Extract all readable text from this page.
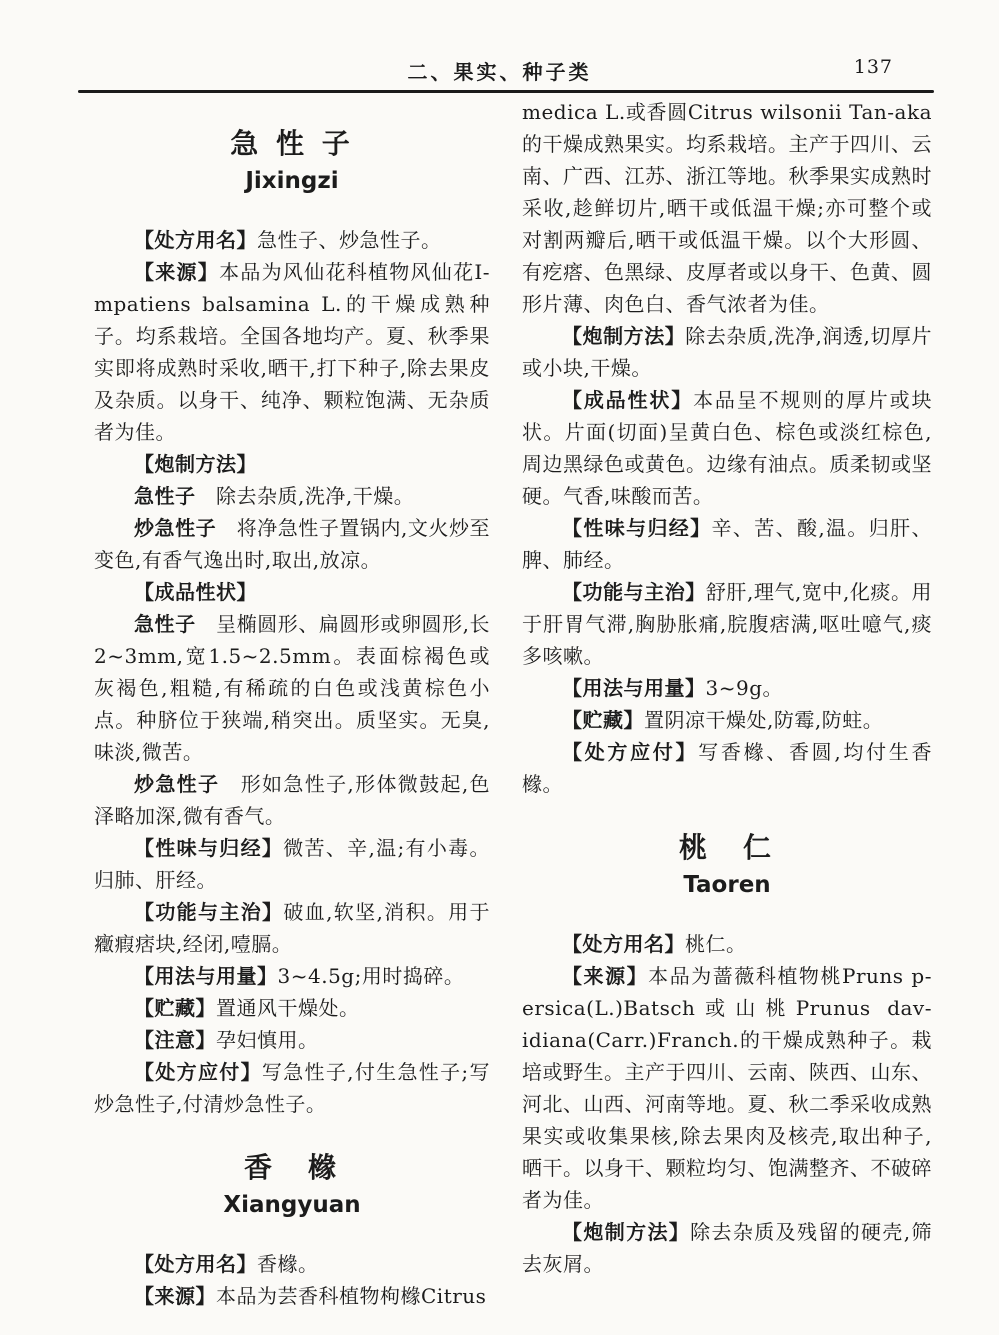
二、果实、种子类	137
急 性 子
Jixingzi
【处方用名】急性子、炒急性子。
【来源】本品为风仙花科植物风仙花I-mpatiens balsamina L.的干燥成熟种子。均系栽培。全国各地均产。夏、秋季果实即将成熟时采收,晒干,打下种子,除去果皮及杂质。以身干、纯净、颗粒饱满、无杂质者为佳。
【炮制方法】
急性子　除去杂质,洗净,干燥。
炒急性子　将净急性子置锅内,文火炒至变色,有香气逸出时,取出,放凉。
【成品性状】
急性子　呈椭圆形、扁圆形或卵圆形,长2~3mm,宽1.5~2.5mm。表面棕褐色或灰褐色,粗糙,有稀疏的白色或浅黄棕色小点。种脐位于狭端,稍突出。质坚实。无臭,味淡,微苦。
炒急性子　形如急性子,形体微鼓起,色泽略加深,微有香气。
【性味与归经】微苦、辛,温;有小毒。归肺、肝经。
【功能与主治】破血,软坚,消积。用于癥瘕痞块,经闭,噎膈。
【用法与用量】3~4.5g;用时捣碎。
【贮藏】置通风干燥处。
【注意】孕妇慎用。
【处方应付】写急性子,付生急性子;写炒急性子,付清炒急性子。
香　橼
Xiangyuan
【处方用名】香橼。
【来源】本品为芸香科植物枸橼Citrus
medica L.或香圆Citrus wilsonii Tan-aka的干燥成熟果实。均系栽培。主产于四川、云南、广西、江苏、浙江等地。秋季果实成熟时采收,趁鲜切片,晒干或低温干燥;亦可整个或对割两瓣后,晒干或低温干燥。以个大形圆、有疙瘩、色黑绿、皮厚者或以身干、色黄、圆形片薄、肉色白、香气浓者为佳。
【炮制方法】除去杂质,洗净,润透,切厚片或小块,干燥。
【成品性状】本品呈不规则的厚片或块状。片面(切面)呈黄白色、棕色或淡红棕色,周边黑绿色或黄色。边缘有油点。质柔韧或坚硬。气香,味酸而苦。
【性味与归经】辛、苦、酸,温。归肝、脾、肺经。
【功能与主治】舒肝,理气,宽中,化痰。用于肝胃气滞,胸胁胀痛,脘腹痞满,呕吐噫气,痰多咳嗽。
【用法与用量】3~9g。
【贮藏】置阴凉干燥处,防霉,防蛀。
【处方应付】写香橼、香圆,均付生香橼。
桃　仁
Taoren
【处方用名】桃仁。
【来源】本品为蔷薇科植物桃Pruns p-ersica(L.)Batsch或山桃Prunus dav-idiana(Carr.)Franch.的干燥成熟种子。栽培或野生。主产于四川、云南、陕西、山东、河北、山西、河南等地。夏、秋二季采收成熟果实或收集果核,除去果肉及核壳,取出种子,晒干。以身干、颗粒均匀、饱满整齐、不破碎者为佳。
【炮制方法】除去杂质及残留的硬壳,筛去灰屑。
